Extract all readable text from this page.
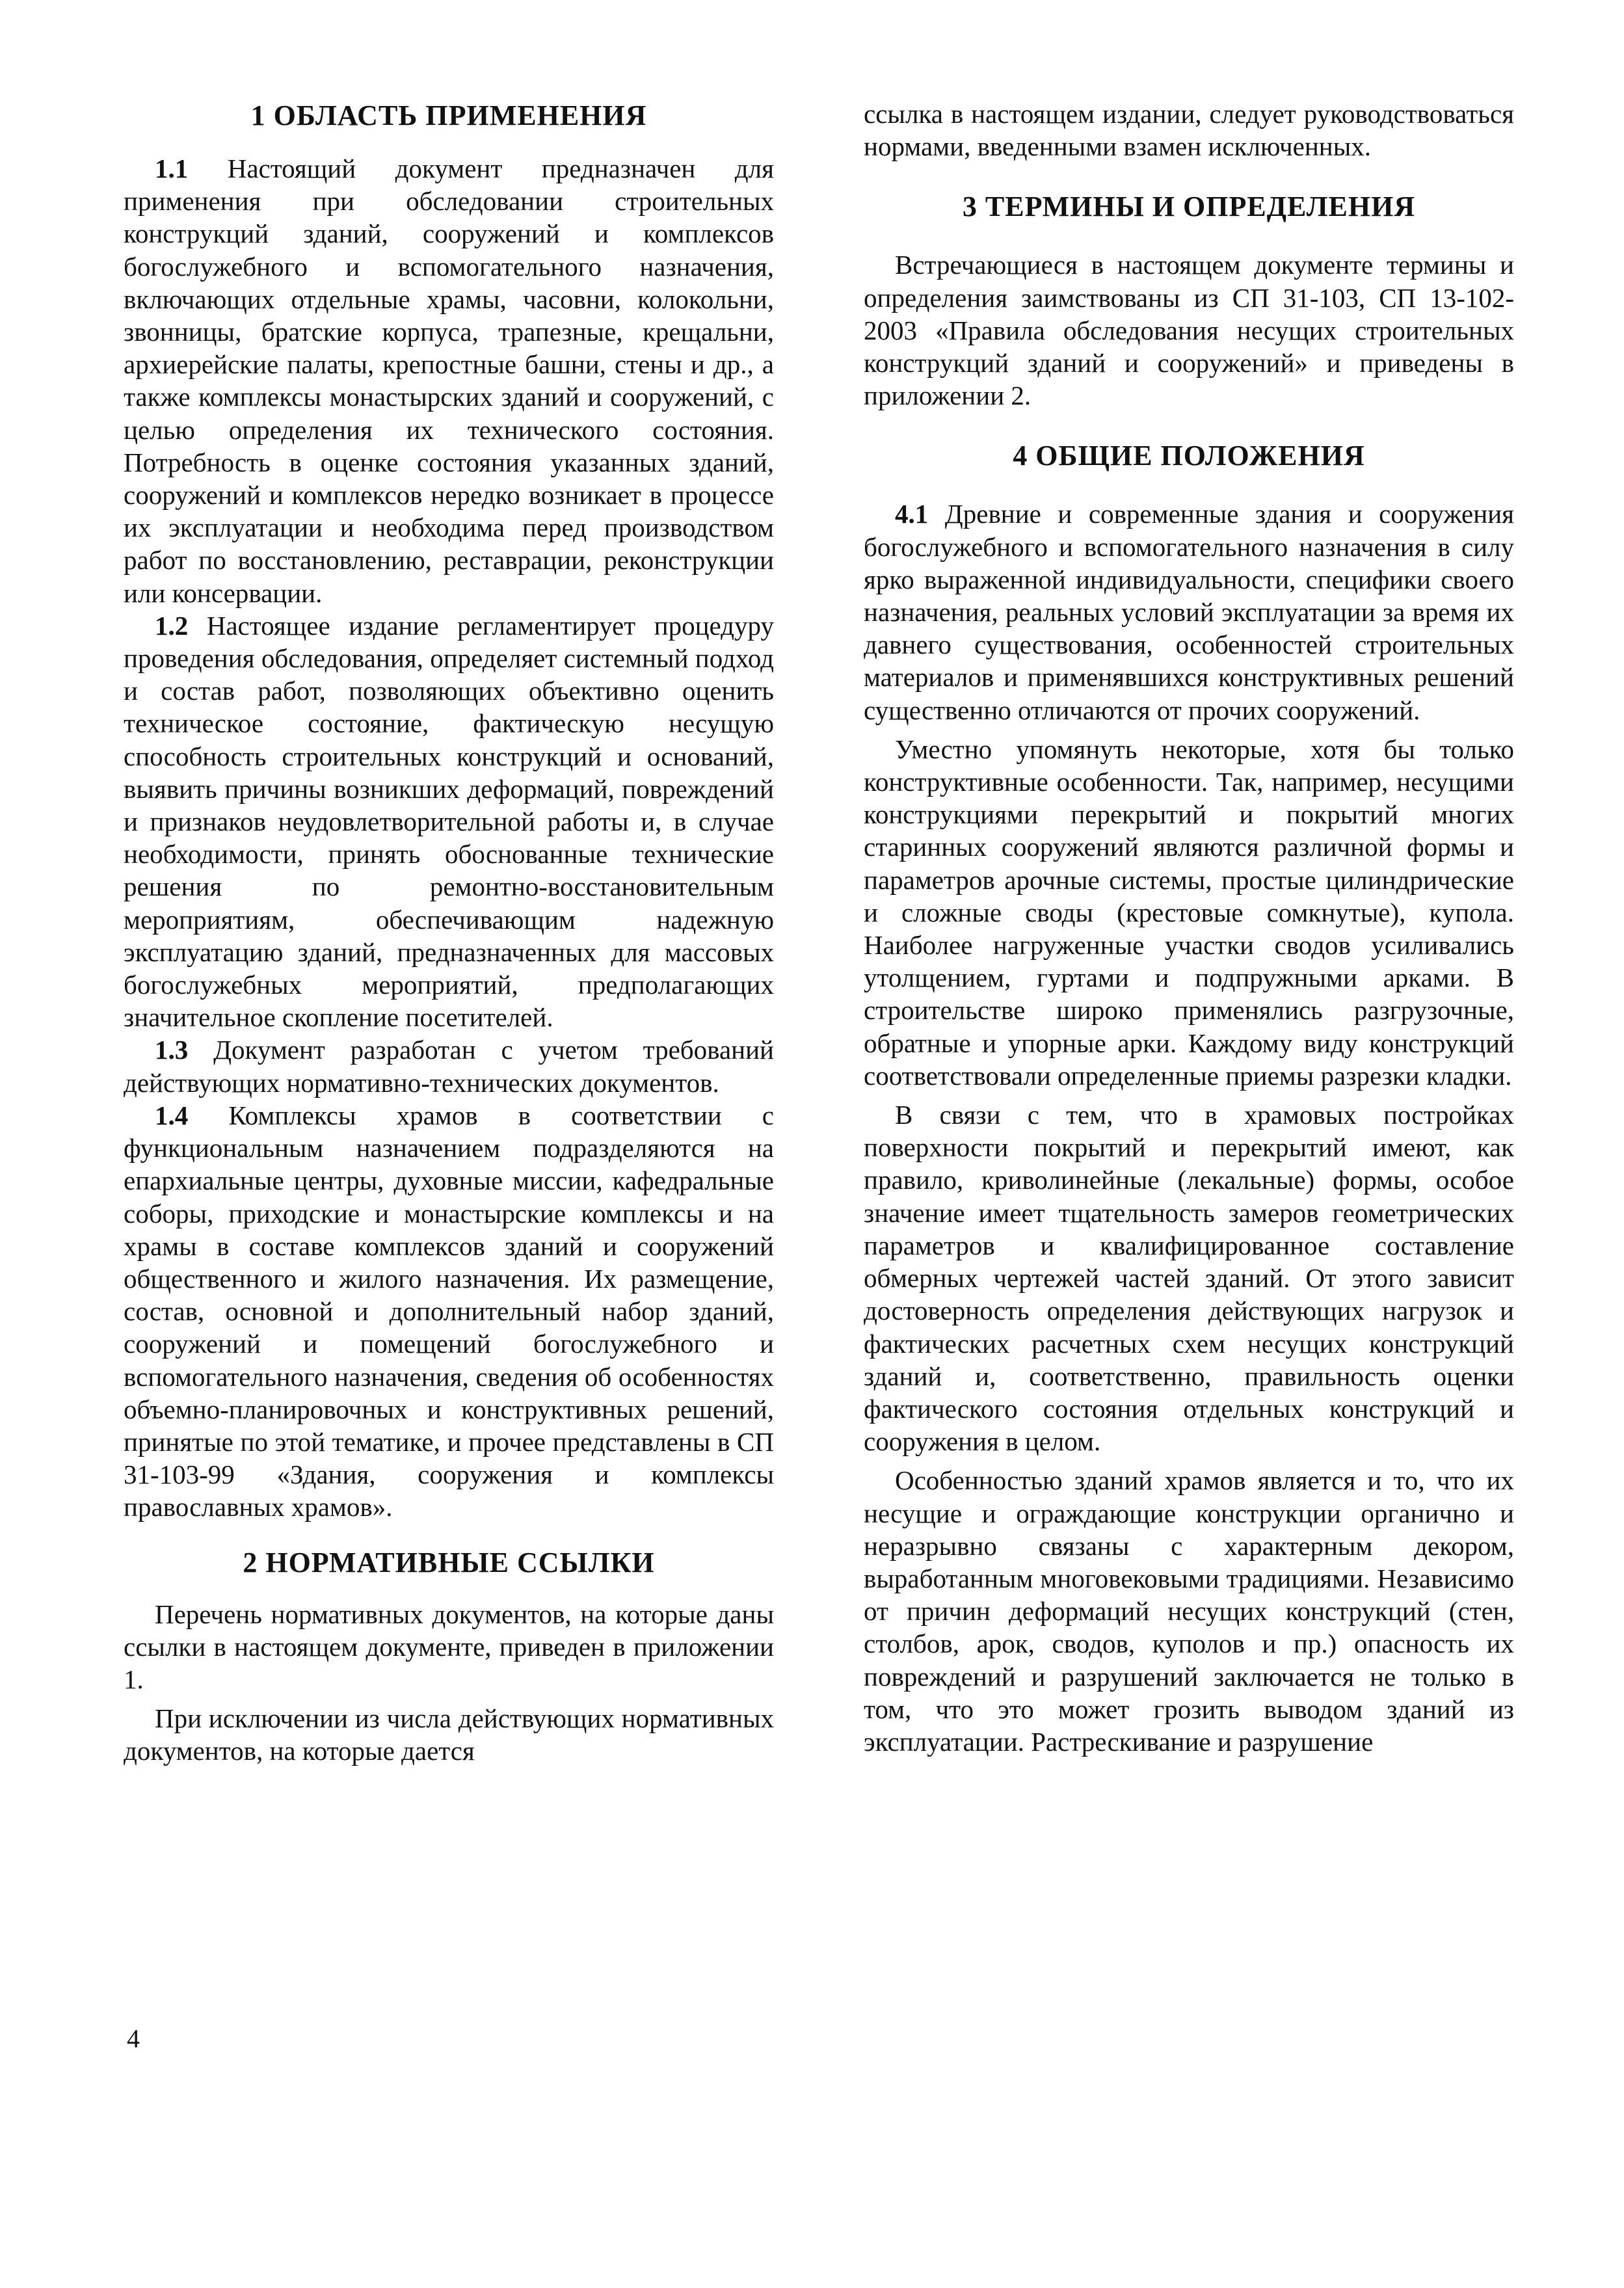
1 ОБЛАСТЬ ПРИМЕНЕНИЯ

1.1 Настоящий документ предназначен для применения при обследовании строительных конструкций зданий, сооружений и комплексов богослужебного и вспомогательного назначения, включающих отдельные храмы, часовни, колокольни, звонницы, братские корпуса, трапезные, крещальни, архиерейские палаты, крепостные башни, стены и др., а также комплексы монастырских зданий и сооружений, с целью определения их технического состояния. Потребность в оценке состояния указанных зданий, сооружений и комплексов нередко возникает в процессе их эксплуатации и необходима перед производством работ по восстановлению, реставрации, реконструкции или консервации.

1.2 Настоящее издание регламентирует процедуру проведения обследования, определяет системный подход и состав работ, позволяющих объективно оценить техническое состояние, фактическую несущую способность строительных конструкций и оснований, выявить причины возникших деформаций, повреждений и признаков неудовлетворительной работы и, в случае необходимости, принять обоснованные технические решения по ремонтно-восстановительным мероприятиям, обеспечивающим надежную эксплуатацию зданий, предназначенных для массовых богослужебных мероприятий, предполагающих значительное скопление посетителей.

1.3 Документ разработан с учетом требований действующих нормативно-технических документов.

1.4 Комплексы храмов в соответствии с функциональным назначением подразделяются на епархиальные центры, духовные миссии, кафедральные соборы, приходские и монастырские комплексы и на храмы в составе комплексов зданий и сооружений общественного и жилого назначения. Их размещение, состав, основной и дополнительный набор зданий, сооружений и помещений богослужебного и вспомогательного назначения, сведения об особенностях объемно-планировочных и конструктивных решений, принятые по этой тематике, и прочее представлены в СП 31-103-99 «Здания, сооружения и комплексы православных храмов».

2 НОРМАТИВНЫЕ ССЫЛКИ

Перечень нормативных документов, на которые даны ссылки в настоящем документе, приведен в приложении 1.

При исключении из числа действующих нормативных документов, на которые дается

ссылка в настоящем издании, следует руководствоваться нормами, введенными взамен исключенных.

3 ТЕРМИНЫ И ОПРЕДЕЛЕНИЯ

Встречающиеся в настоящем документе термины и определения заимствованы из СП 31-103, СП 13-102-2003 «Правила обследования несущих строительных конструкций зданий и сооружений» и приведены в приложении 2.

4 ОБЩИЕ ПОЛОЖЕНИЯ

4.1 Древние и современные здания и сооружения богослужебного и вспомогательного назначения в силу ярко выраженной индивидуальности, специфики своего назначения, реальных условий эксплуатации за время их давнего существования, особенностей строительных материалов и применявшихся конструктивных решений существенно отличаются от прочих сооружений.

Уместно упомянуть некоторые, хотя бы только конструктивные особенности. Так, например, несущими конструкциями перекрытий и покрытий многих старинных сооружений являются различной формы и параметров арочные системы, простые цилиндрические и сложные своды (крестовые сомкнутые), купола. Наиболее нагруженные участки сводов усиливались утолщением, гуртами и подпружными арками. В строительстве широко применялись разгрузочные, обратные и упорные арки. Каждому виду конструкций соответствовали определенные приемы разрезки кладки.

В связи с тем, что в храмовых постройках поверхности покрытий и перекрытий имеют, как правило, криволинейные (лекальные) формы, особое значение имеет тщательность замеров геометрических параметров и квалифицированное составление обмерных чертежей частей зданий. От этого зависит достоверность определения действующих нагрузок и фактических расчетных схем несущих конструкций зданий и, соответственно, правильность оценки фактического состояния отдельных конструкций и сооружения в целом.

Особенностью зданий храмов является и то, что их несущие и ограждающие конструкции органично и неразрывно связаны с характерным декором, выработанным многовековыми традициями. Независимо от причин деформаций несущих конструкций (стен, столбов, арок, сводов, куполов и пр.) опасность их повреждений и разрушений заключается не только в том, что это может грозить выводом зданий из эксплуатации. Растрескивание и разрушение

4
